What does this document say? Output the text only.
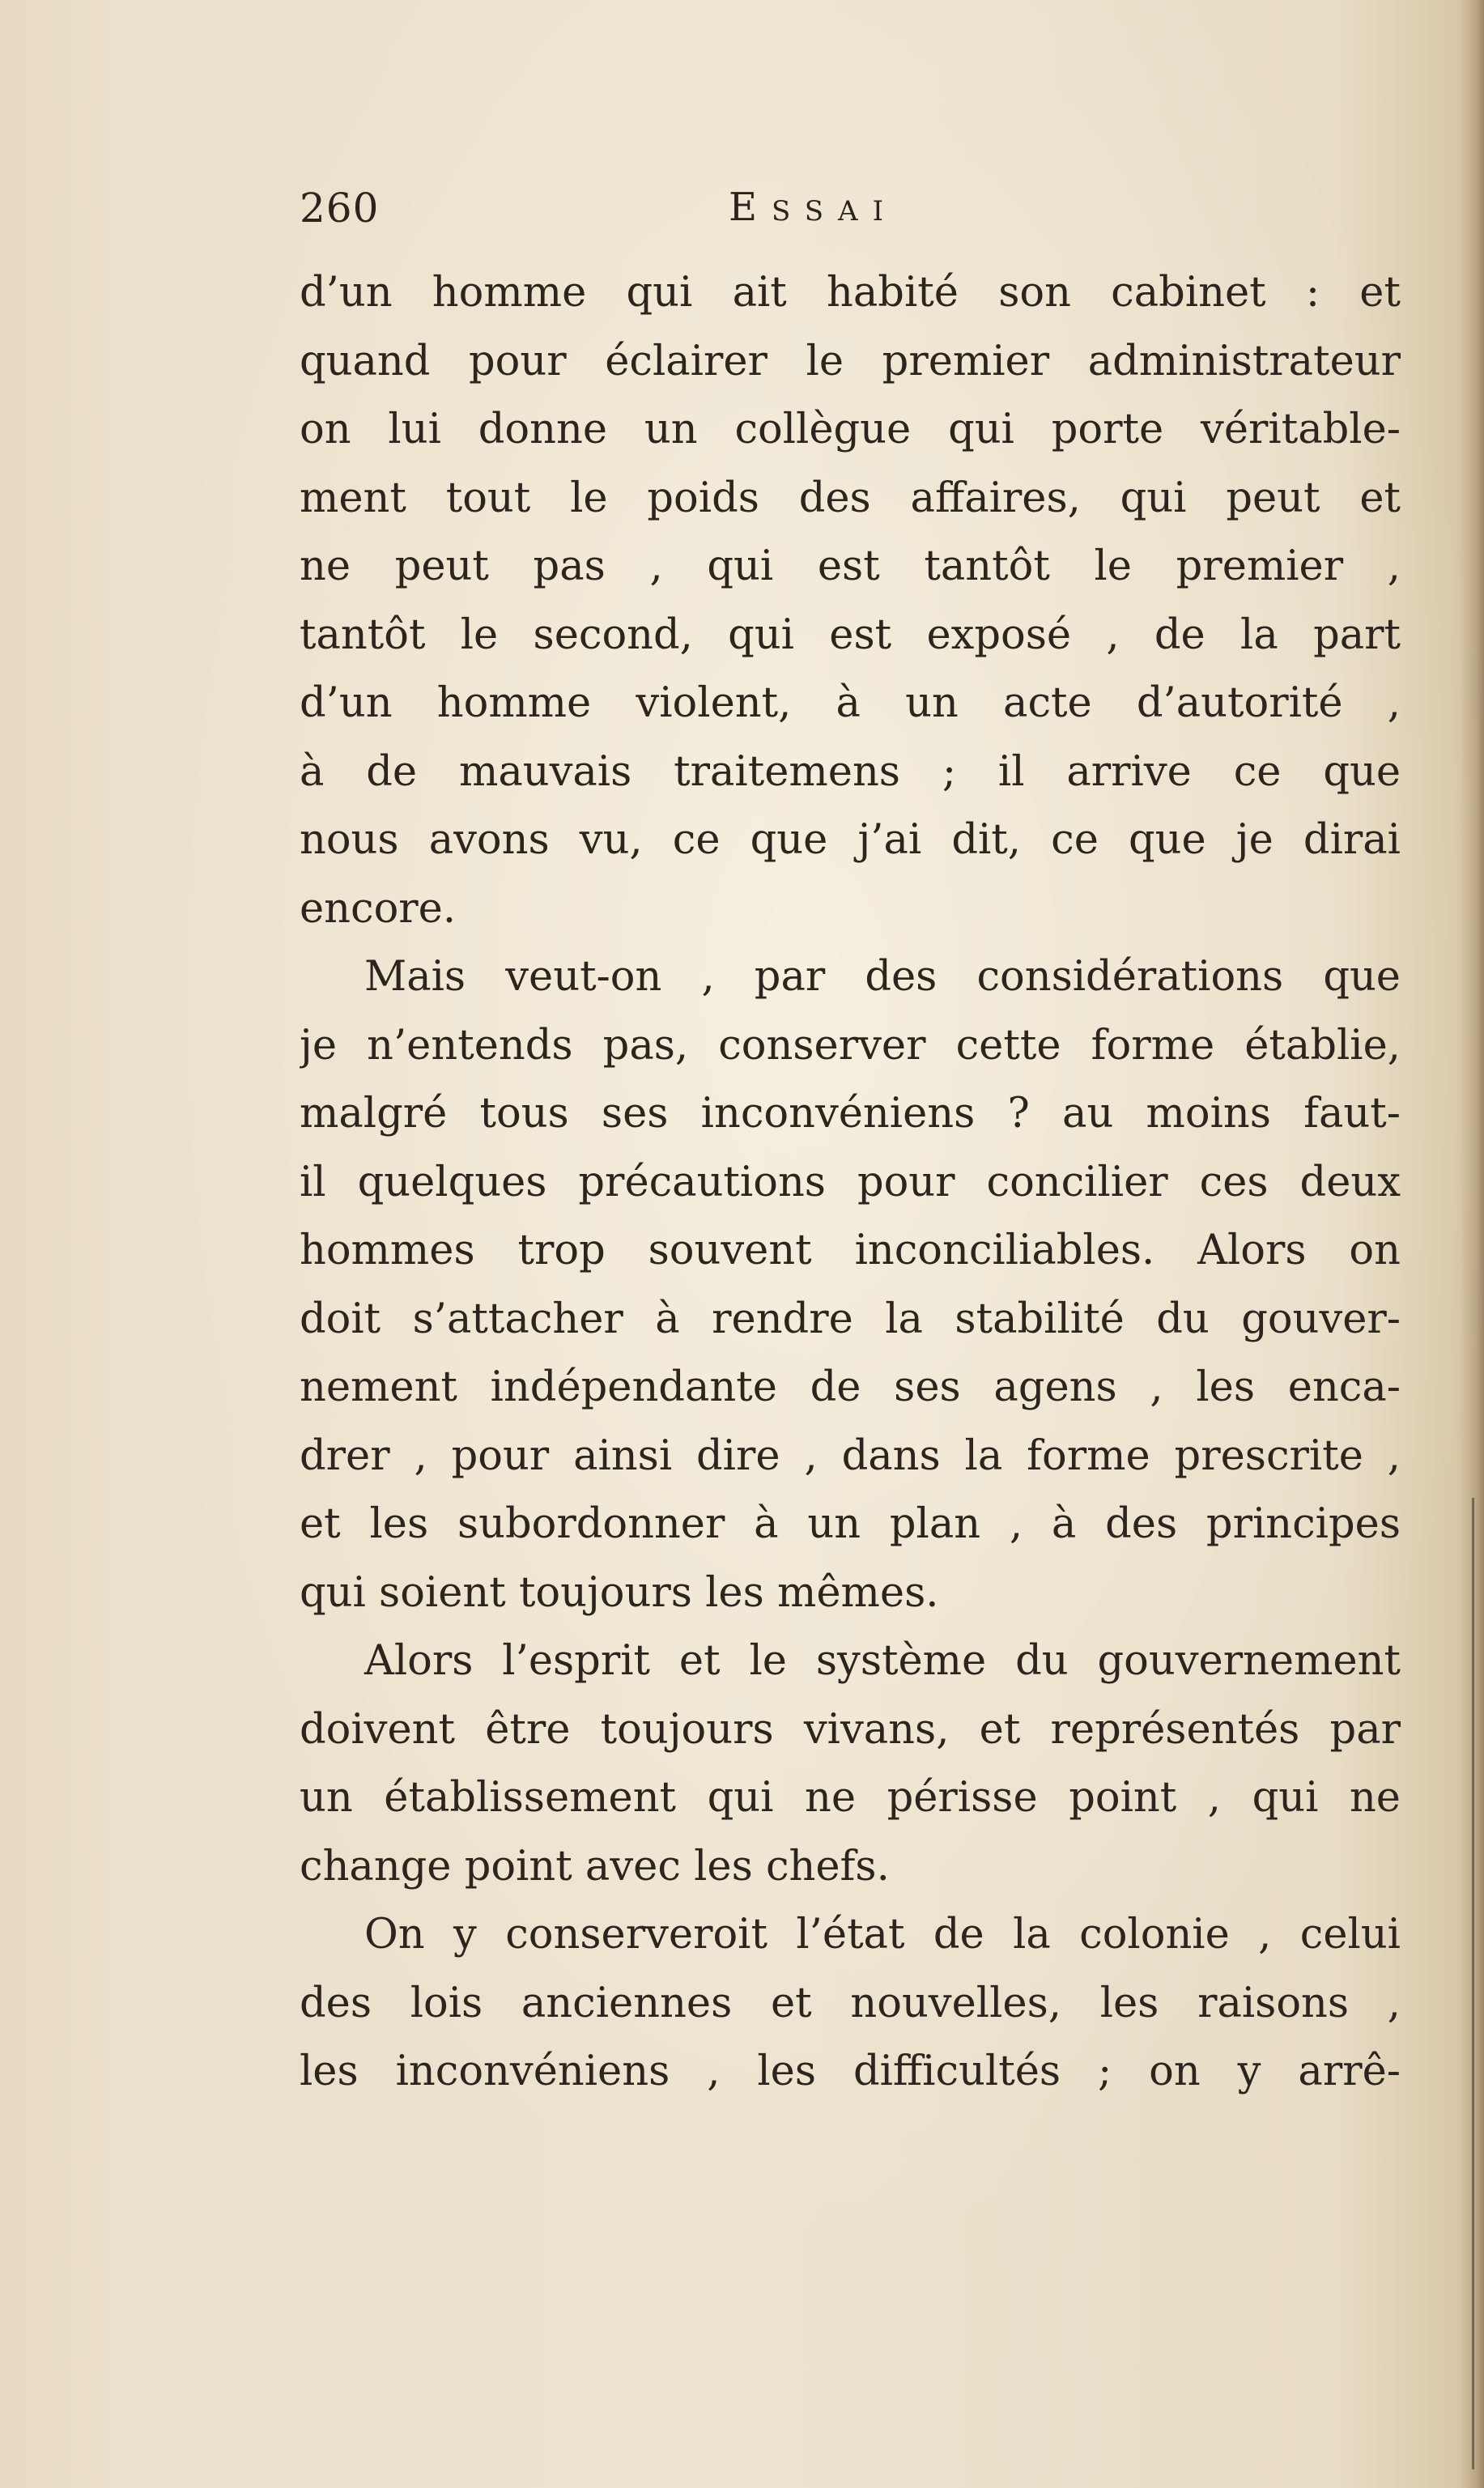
260	Essai
d’un homme qui ait habité son cabinet : et
quand pour éclairer le premier administrateur
on lui donne un collègue qui porte véritable-
ment tout le poids des affaires, qui peut et
ne peut pas , qui est tantôt le premier ,
tantôt le second, qui est exposé , de la part
d’un homme violent, à un acte d’autorité ,
à de mauvais traitemens ; il arrive ce que
nous avons vu, ce que j’ai dit, ce que je dirai
encore.
Mais veut-on , par des considérations que
je n’entends pas, conserver cette forme établie,
malgré tous ses inconvéniens ? au moins faut-
il quelques précautions pour concilier ces deux
hommes trop souvent inconciliables. Alors on
doit s’attacher à rendre la stabilité du gouver-
nement indépendante de ses agens , les enca-
drer , pour ainsi dire , dans la forme prescrite ,
et les subordonner à un plan , à des principes
qui soient toujours les mêmes.
Alors l’esprit et le système du gouvernement
doivent être toujours vivans, et représentés par
un établissement qui ne périsse point , qui ne
change point avec les chefs.
On y conserveroit l’état de la colonie , celui
des lois anciennes et nouvelles, les raisons ,
les inconvéniens , les difficultés ; on y arrê-
